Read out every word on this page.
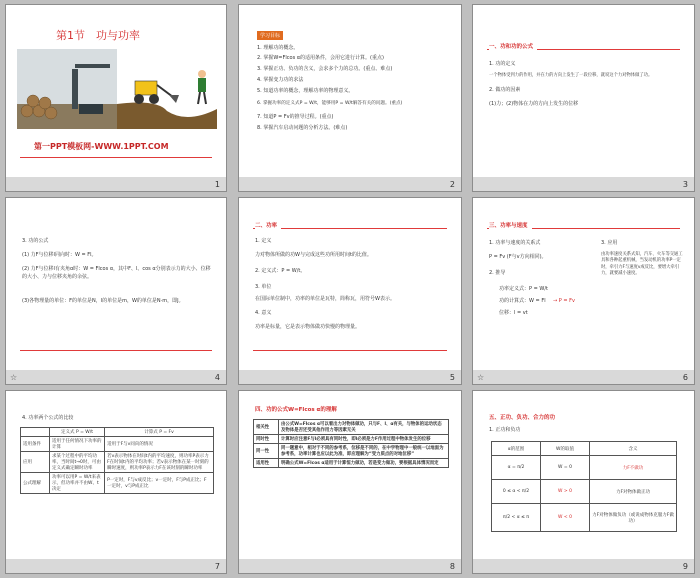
第1节　功与功率
第一PPT模板网-WWW.1PPT.COM
1
学习目标
1. 理解功的概念。
2. 掌握W=Flcos α的适用条件，会用它进行计算。(重点)
3. 掌握正功、负功的含义，会求多个力的总功。(重点、难点)
4. 掌握变力功的求法
5. 知道功率的概念，理解功率的物理意义。
6. 掌握功率的定义式P = W/t，能够用P = W/t解答有关的问题。(重点)
7. 知道P = Fv的推导过程。(重点)
8. 掌握汽车启动问题的分析方法。(难点)
2
一、功和功的公式
1. 功的定义
一个物体受到力的作用，并在力的方向上发生了一段位移，就说这个力对物体做了功。
2. 做功的因素
(1)力；(2)物体在力的方向上发生的位移
3
3. 功的公式
(1) 力F与位移l同向时：W = Fl。
(2) 力F与位移l有夹角α时：W = Flcos α，其中F、l、cos α分别表示力的大小、位移的大小、力与位移夹角的余弦。
(3)各物理量的单位：F的单位是N，l的单位是m，W的单位是N·m，即J。
☆	4
二、功率
1. 定义
力对物体所做的功W与完成这些功所用时间t的比值。
2. 定义式：P = W/t。
3. 单位
在国际单位制中，功率的单位是瓦特，简称瓦，用符号W表示。
4. 意义
功率是标量，它是表示物体做功快慢的物理量。
5
三、功率与速度
1. 功率与速度的关系式
P = Fv (F与v方向相同)。
2. 推导
功率定义式：P = W/t
功的计算式：W = Fl
位移：l = vt
→ P = Fv
3. 应用
由功率速度关系式知，汽车、火车等交通工具和各种起重机械，当发动机的功率P一定时，牵引力F与速度v成反比，要增大牵引力，就要减小速度。
☆	6
4. 功率两个公式的比较
	定义式 P = W/t	计算式 P = Fv
适用条件	适用于任何情况下功率的计算	适用于F与v同向的情况
应用	求某个过程中的平均功率，当时间t→0时，可由定义式确定瞬时功率	若v表示物体在时间t内的平均速度，则功率P表示力F在时间t内的平均功率；若v表示物体在某一时刻的瞬时速度，则功率P表示力F在该时刻的瞬时功率
公式理解	功率可以用P = W/t来表示，但功率并不由W、t决定	P一定时，F与v成反比；v一定时，F与P成正比；F一定时，v与P成正比
7
四、功的公式W=Flcos α的理解
相关性	由公式W=Flcos α可以看出力对物体做功，只与F、l、α有关，与物体的运动状态及物体是否还受其他作用力等因素无关
同时性	计算时应注意F与l必须具有同时性，即l必须是力F作用过程中物体发生的位移
同一性	同一题意中，相对于不同的参考系，位移是不同的，在中学物理中一般统一以地面为参考系，功率计算也应以此为准，即应理解为“受力质点的对地位移”
适用性	明确公式W=Flcos α适用于计算恒力做功，若是变力做功，要根据具体情况而定
8
五、正功、负功、合力的功
1. 正功和负功
α的范围	W的取值	含义
α = π/2	W = 0	力F不做功
0 ≤ α < π/2	W > 0	力F对物体做正功
π/2 < α ≤ π	W < 0	力F对物体做负功（或说成物体克服力F做功）
9
